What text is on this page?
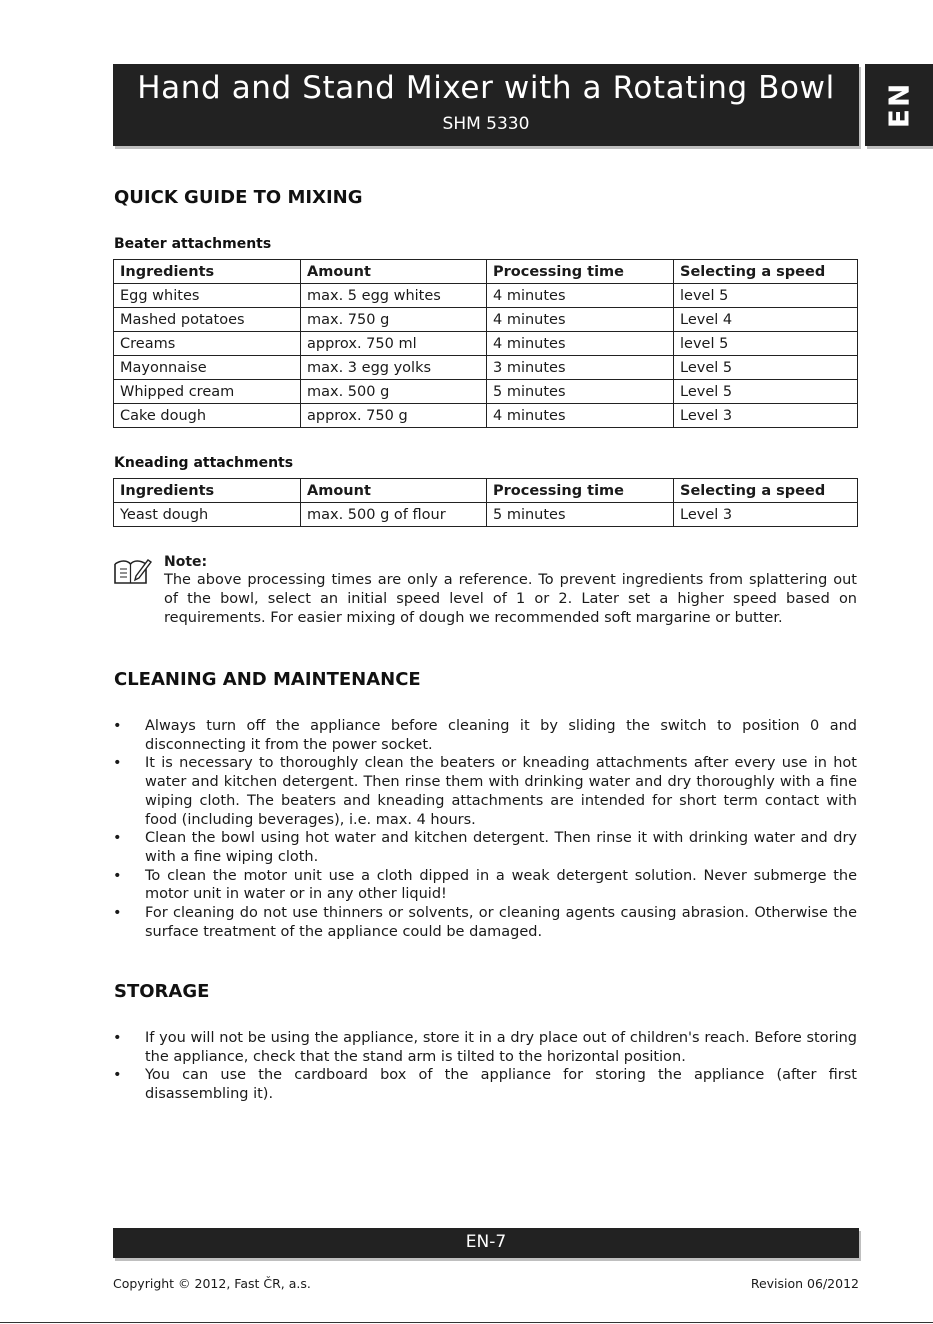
Hand and Stand Mixer with a Rotating Bowl
SHM 5330	EN
QUICK GUIDE TO MIXING
Beater attachments
Ingredients	Amount	Processing time	Selecting a speed
Egg whites	max. 5 egg whites	4 minutes	level 5
Mashed potatoes	max. 750 g	4 minutes	Level 4
Creams	approx. 750 ml	4 minutes	level 5
Mayonnaise	max. 3 egg yolks	3 minutes	Level 5
Whipped cream	max. 500 g	5 minutes	Level 5
Cake dough	approx. 750 g	4 minutes	Level 3
Kneading attachments
Ingredients	Amount	Processing time	Selecting a speed
Yeast dough	max. 500 g of flour	5 minutes	Level 3
Note:
The above processing times are only a reference. To prevent ingredients from splattering out of the bowl, select an initial speed level of 1 or 2. Later set a higher speed based on requirements. For easier mixing of dough we recommended soft margarine or butter.
CLEANING AND MAINTENANCE
• Always turn off the appliance before cleaning it by sliding the switch to position 0 and disconnecting it from the power socket.
• It is necessary to thoroughly clean the beaters or kneading attachments after every use in hot water and kitchen detergent. Then rinse them with drinking water and dry thoroughly with a fine wiping cloth. The beaters and kneading attachments are intended for short term contact with food (including beverages), i.e. max. 4 hours.
• Clean the bowl using hot water and kitchen detergent. Then rinse it with drinking water and dry with a fine wiping cloth.
• To clean the motor unit use a cloth dipped in a weak detergent solution. Never submerge the motor unit in water or in any other liquid!
• For cleaning do not use thinners or solvents, or cleaning agents causing abrasion. Otherwise the surface treatment of the appliance could be damaged.
STORAGE
• If you will not be using the appliance, store it in a dry place out of children's reach. Before storing the appliance, check that the stand arm is tilted to the horizontal position.
• You can use the cardboard box of the appliance for storing the appliance (after first disassembling it).
EN-7
Copyright © 2012, Fast ČR, a.s.	Revision 06/2012
